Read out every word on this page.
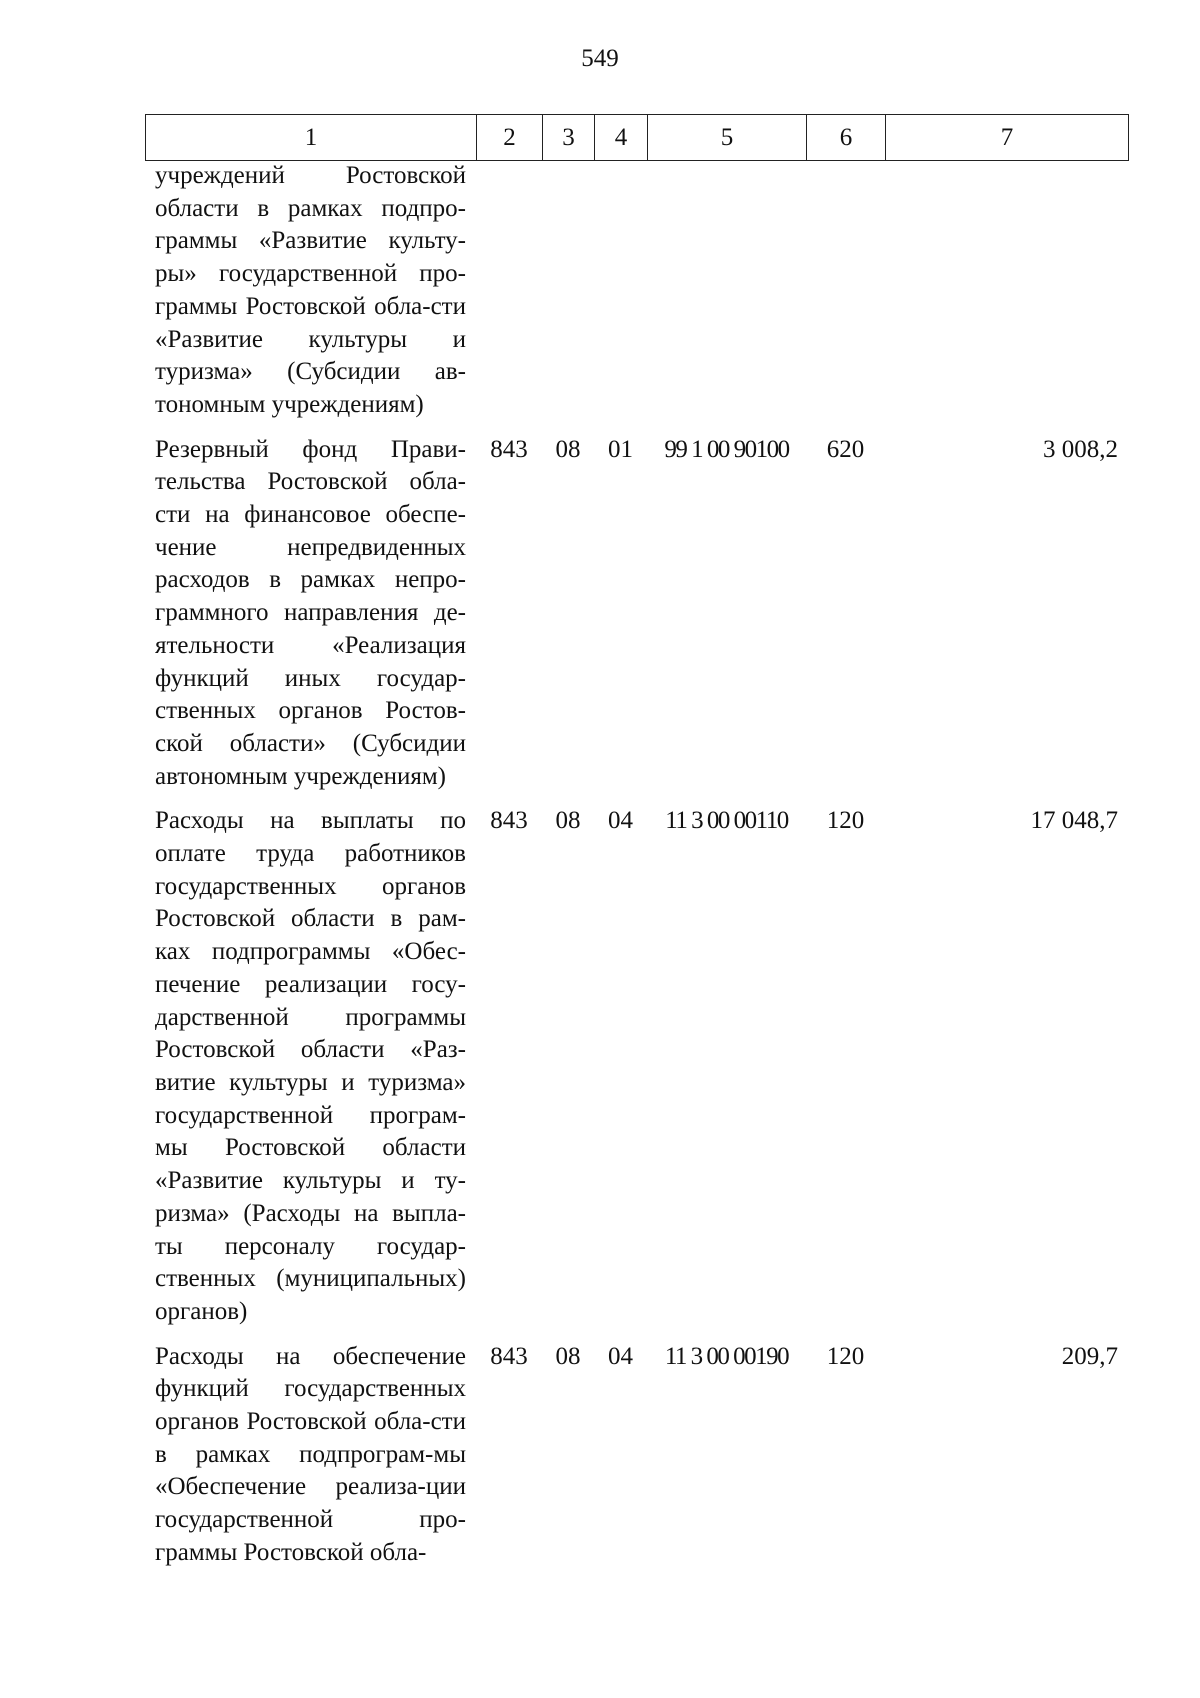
549
1	2	3	4	5	6	7
учреждений Ростовской области в рамках подпро-граммы «Развитие культу-ры» государственной про-граммы Ростовской обла-сти «Развитие культуры и туризма» (Субсидии ав-тономным учреждениям)						

Резервный фонд Прави-тельства Ростовской обла-сти на финансовое обеспе-чение непредвиденных расходов в рамках непро-граммного направления де-ятельности «Реализация функций иных государ-ственных органов Ростов-ской области» (Субсидии автономным учреждениям)	843	08	01	99 1 00 90100	620	3 008,2

Расходы на выплаты по оплате труда работников государственных органов Ростовской области в рам-ках подпрограммы «Обес-печение реализации госу-дарственной программы Ростовской области «Раз-витие культуры и туризма» государственной програм-мы Ростовской области «Развитие культуры и ту-ризма» (Расходы на выпла-ты персоналу государ-ственных (муниципальных) органов)	843	08	04	11 3 00 00110	120	17 048,7

Расходы на обеспечение функций государственных органов Ростовской обла-сти в рамках подпрограм-мы «Обеспечение реализа-ции государственной про-граммы Ростовской обла-	843	08	04	11 3 00 00190	120	209,7
